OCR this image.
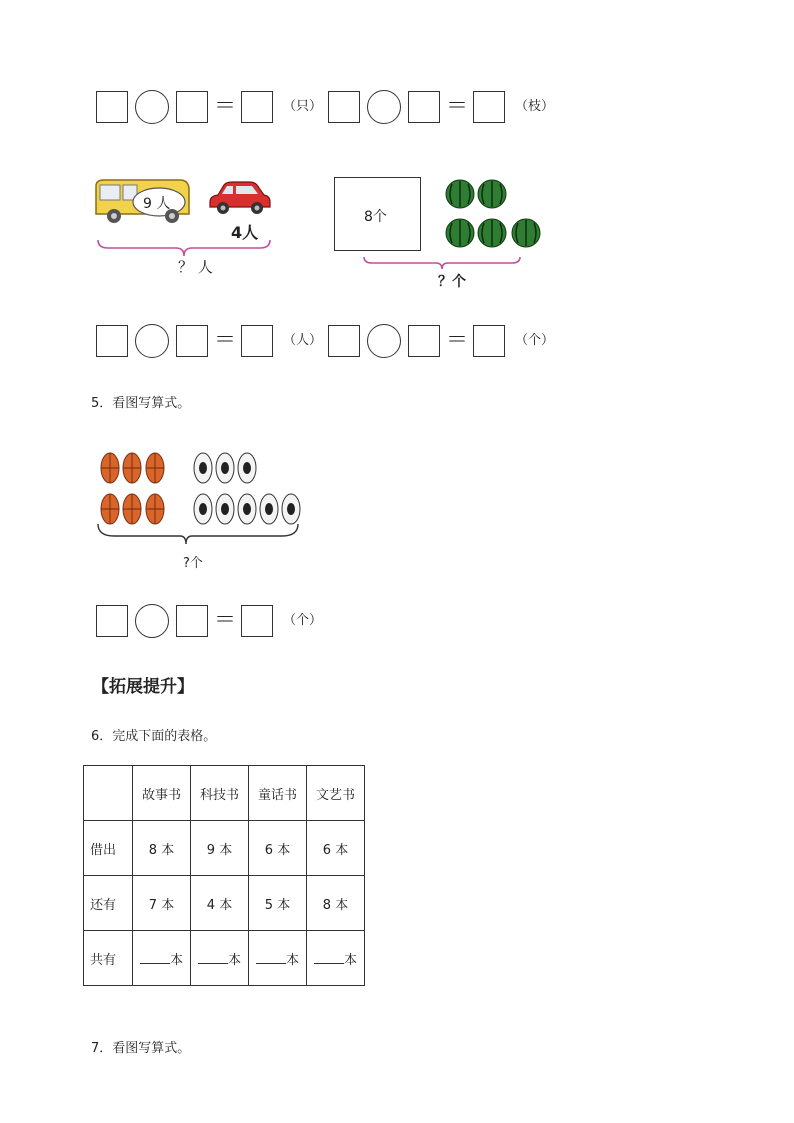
＝	（只）	＝	（枝）
9 人
4人
？ 人
8个
？个
＝	（人）	＝	（个）
5．看图写算式。
?个
＝	（个）
【拓展提升】
6．完成下面的表格。
	故事书	科技书	童话书	文艺书
借出	8 本	9 本	6 本	6 本
还有	7 本	4 本	5 本	8 本
共有	本	本	本	本
7．看图写算式。
